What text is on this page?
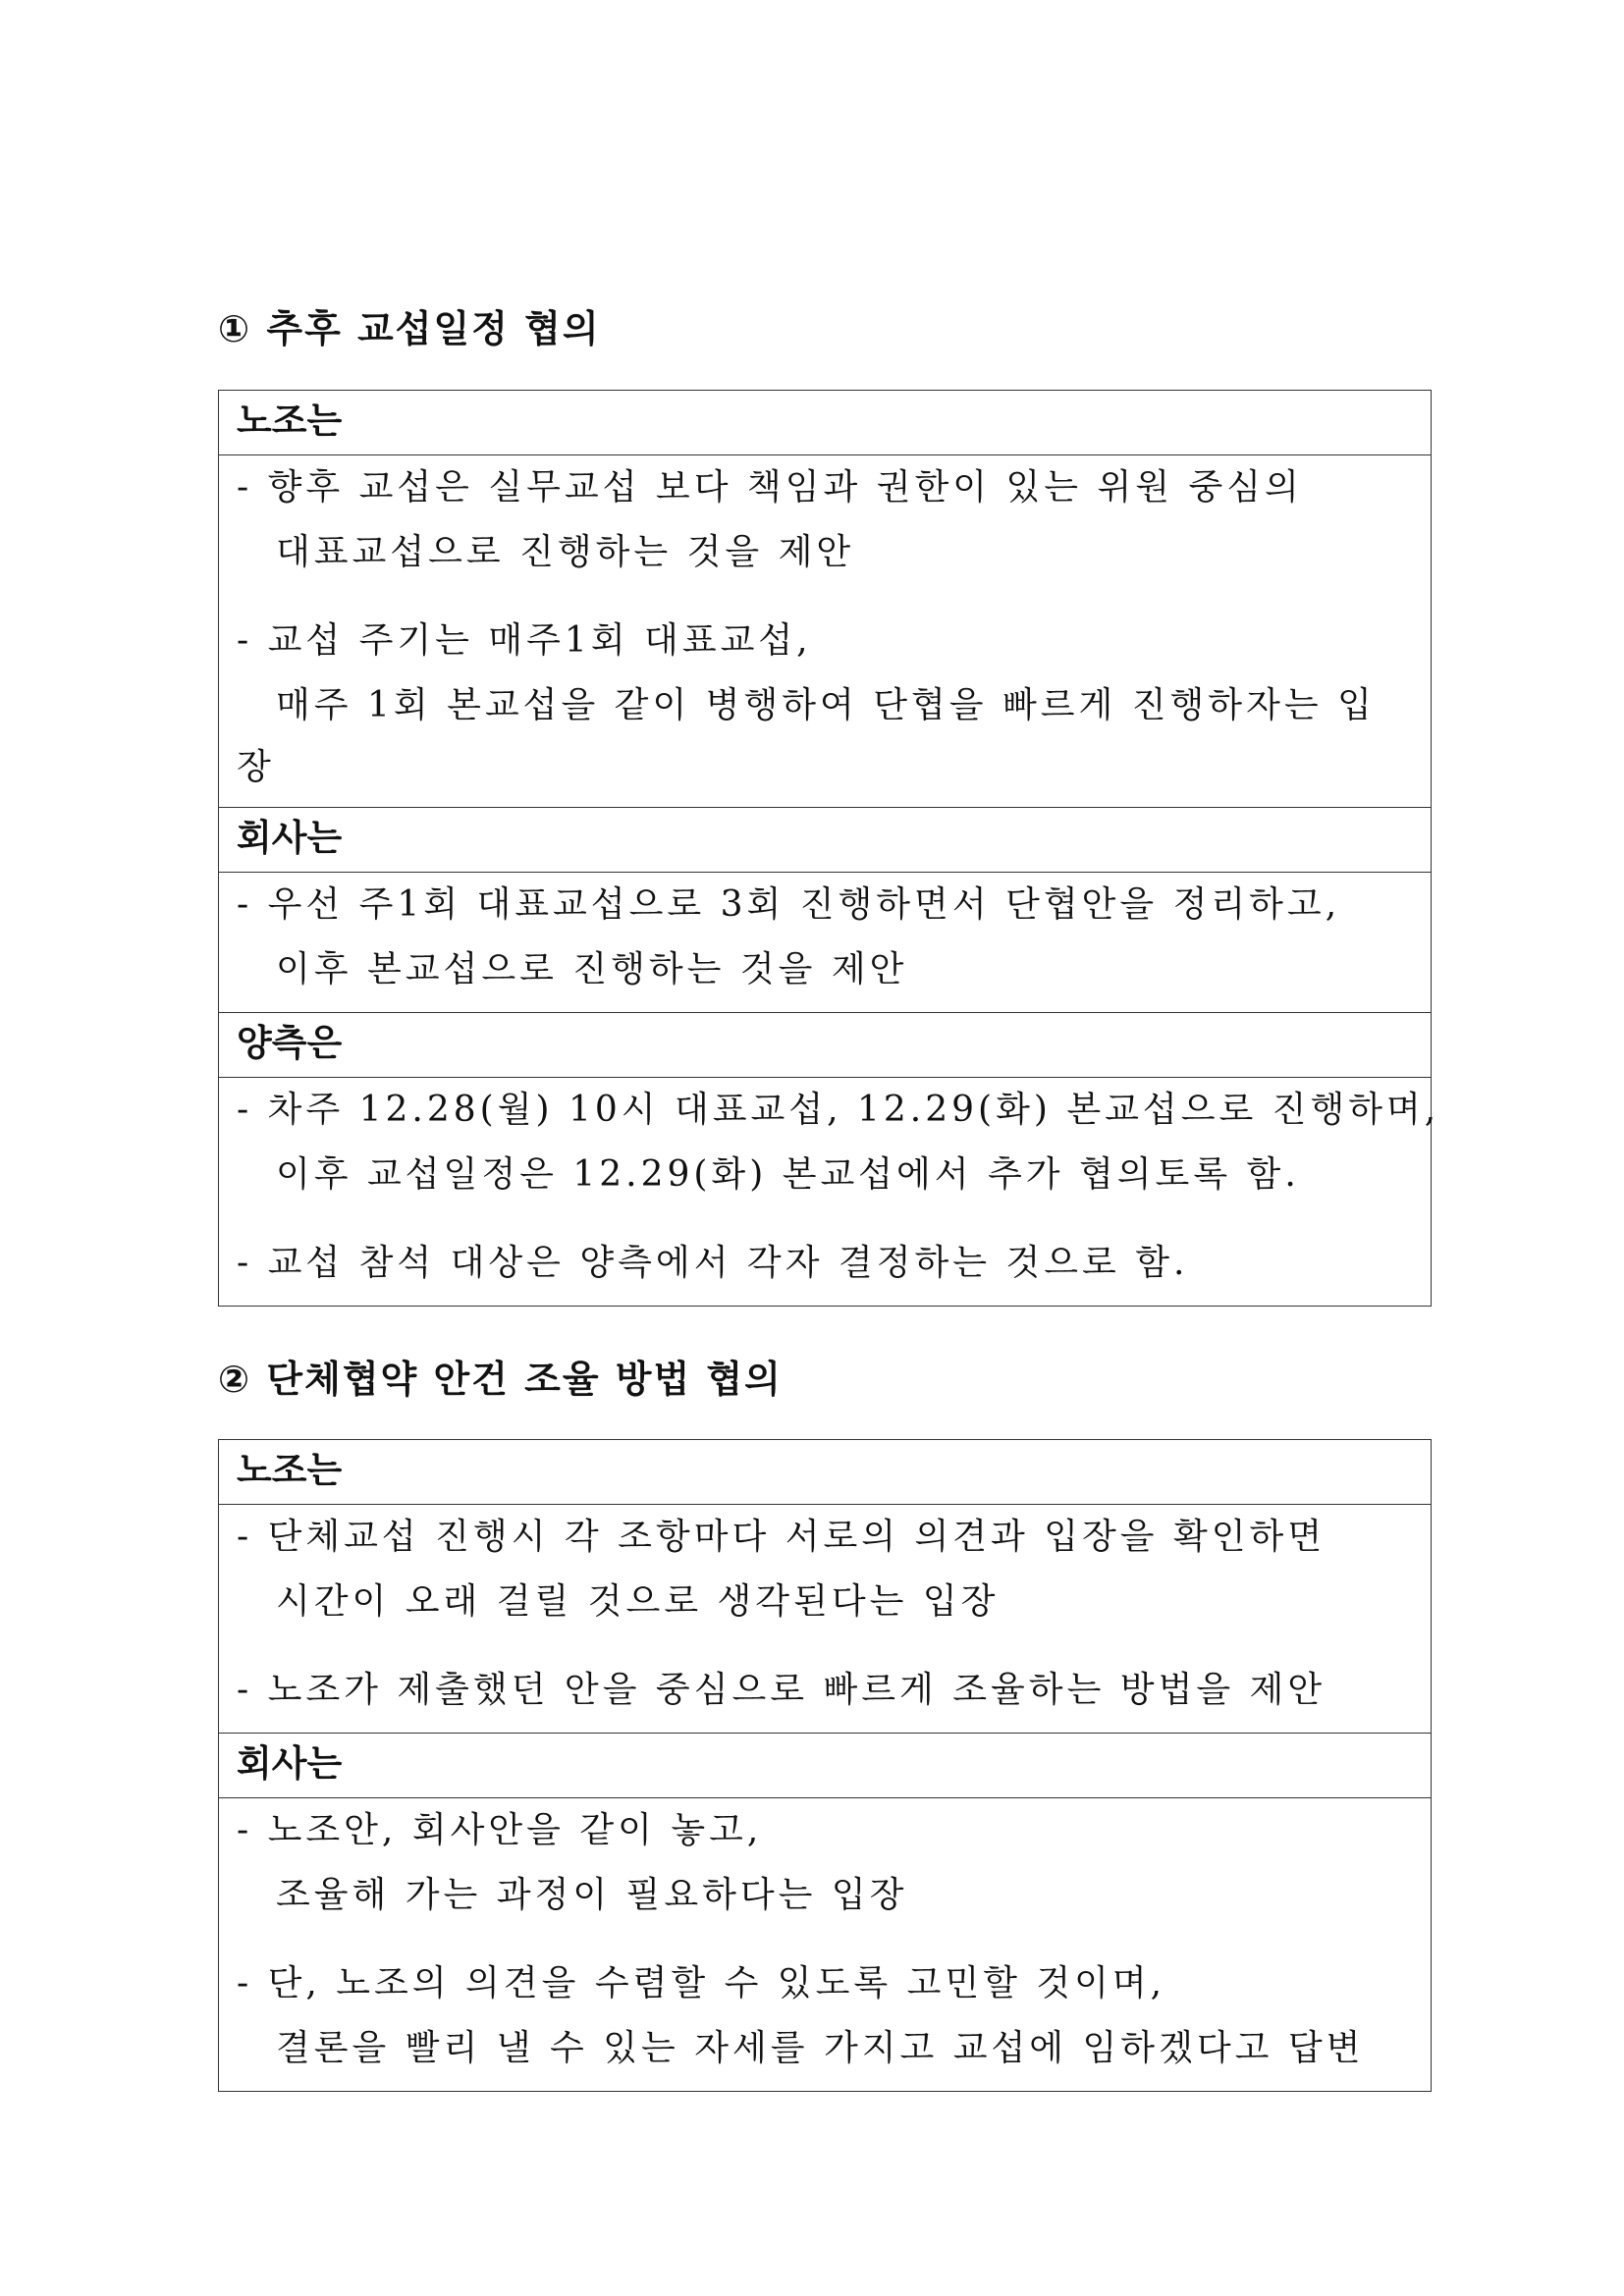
① 추후 교섭일정 협의
노조는
- 향후 교섭은 실무교섭 보다 책임과 권한이 있는 위원 중심의
대표교섭으로 진행하는 것을 제안
- 교섭 주기는 매주1회 대표교섭,
매주 1회 본교섭을 같이 병행하여 단협을 빠르게 진행하자는 입
장
회사는
- 우선 주1회 대표교섭으로 3회 진행하면서 단협안을 정리하고,
이후 본교섭으로 진행하는 것을 제안
양측은
- 차주 12.28(월) 10시 대표교섭, 12.29(화) 본교섭으로 진행하며,
이후 교섭일정은 12.29(화) 본교섭에서 추가 협의토록 함.
- 교섭 참석 대상은 양측에서 각자 결정하는 것으로 함.
② 단체협약 안건 조율 방법 협의
노조는
- 단체교섭 진행시 각 조항마다 서로의 의견과 입장을 확인하면
시간이 오래 걸릴 것으로 생각된다는 입장
- 노조가 제출했던 안을 중심으로 빠르게 조율하는 방법을 제안
회사는
- 노조안, 회사안을 같이 놓고,
조율해 가는 과정이 필요하다는 입장
- 단, 노조의 의견을 수렴할 수 있도록 고민할 것이며,
결론을 빨리 낼 수 있는 자세를 가지고 교섭에 임하겠다고 답변
